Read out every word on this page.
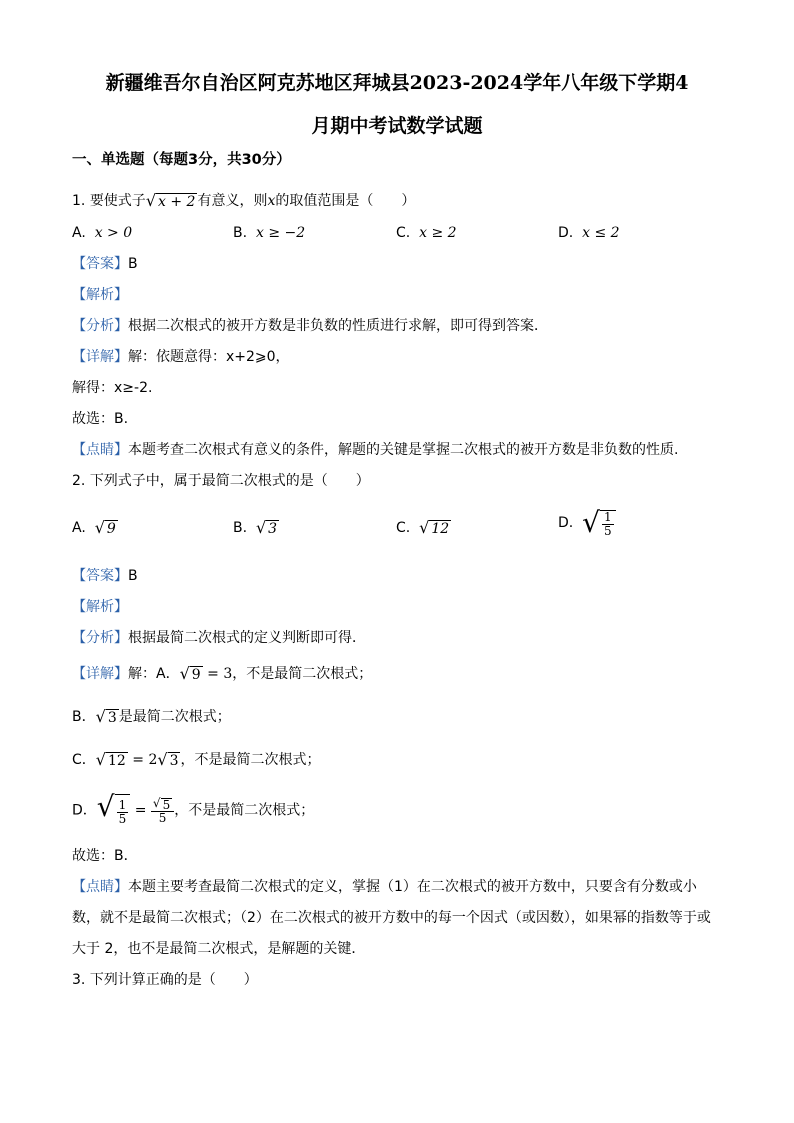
新疆维吾尔自治区阿克苏地区拜城县2023-2024学年八年级下学期4
月期中考试数学试题
一、单选题（每题3分，共30分）
1. 要使式子 √ x + 2 有意义，则x的取值范围是（　　）
A. x > 0	B. x ≥ −2	C. x ≥ 2	D. x ≤ 2
【答案】B
【解析】
【分析】根据二次根式的被开方数是非负数的性质进行求解，即可得到答案．
【详解】解：依题意得：x+2⩾0，
解得：x≥-2.
故选：B.
【点睛】本题考查二次根式有意义的条件，解题的关键是掌握二次根式的被开方数是非负数的性质.
2. 下列式子中，属于最简二次根式的是（　　）
A. √ 9	B. √ 3	C. √ 12	D. √ $\frac{1}{5}$
【答案】B
【解析】
【分析】根据最简二次根式的定义判断即可得．
【详解】解：A． √ 9 = 3，不是最简二次根式；
B． √ 3 是最简二次根式；
C． √ 12 = 2 √ 3 ，不是最简二次根式；
D． √ $\frac{1}{5} = \frac{√ 5}{5}$ ，不是最简二次根式；
故选：B．
【点睛】本题主要考查最简二次根式的定义，掌握（1）在二次根式的被开方数中，只要含有分数或小
数，就不是最简二次根式；（2）在二次根式的被开方数中的每一个因式（或因数），如果幂的指数等于或
大于 2，也不是最简二次根式，是解题的关键．
3. 下列计算正确的是（　　）
